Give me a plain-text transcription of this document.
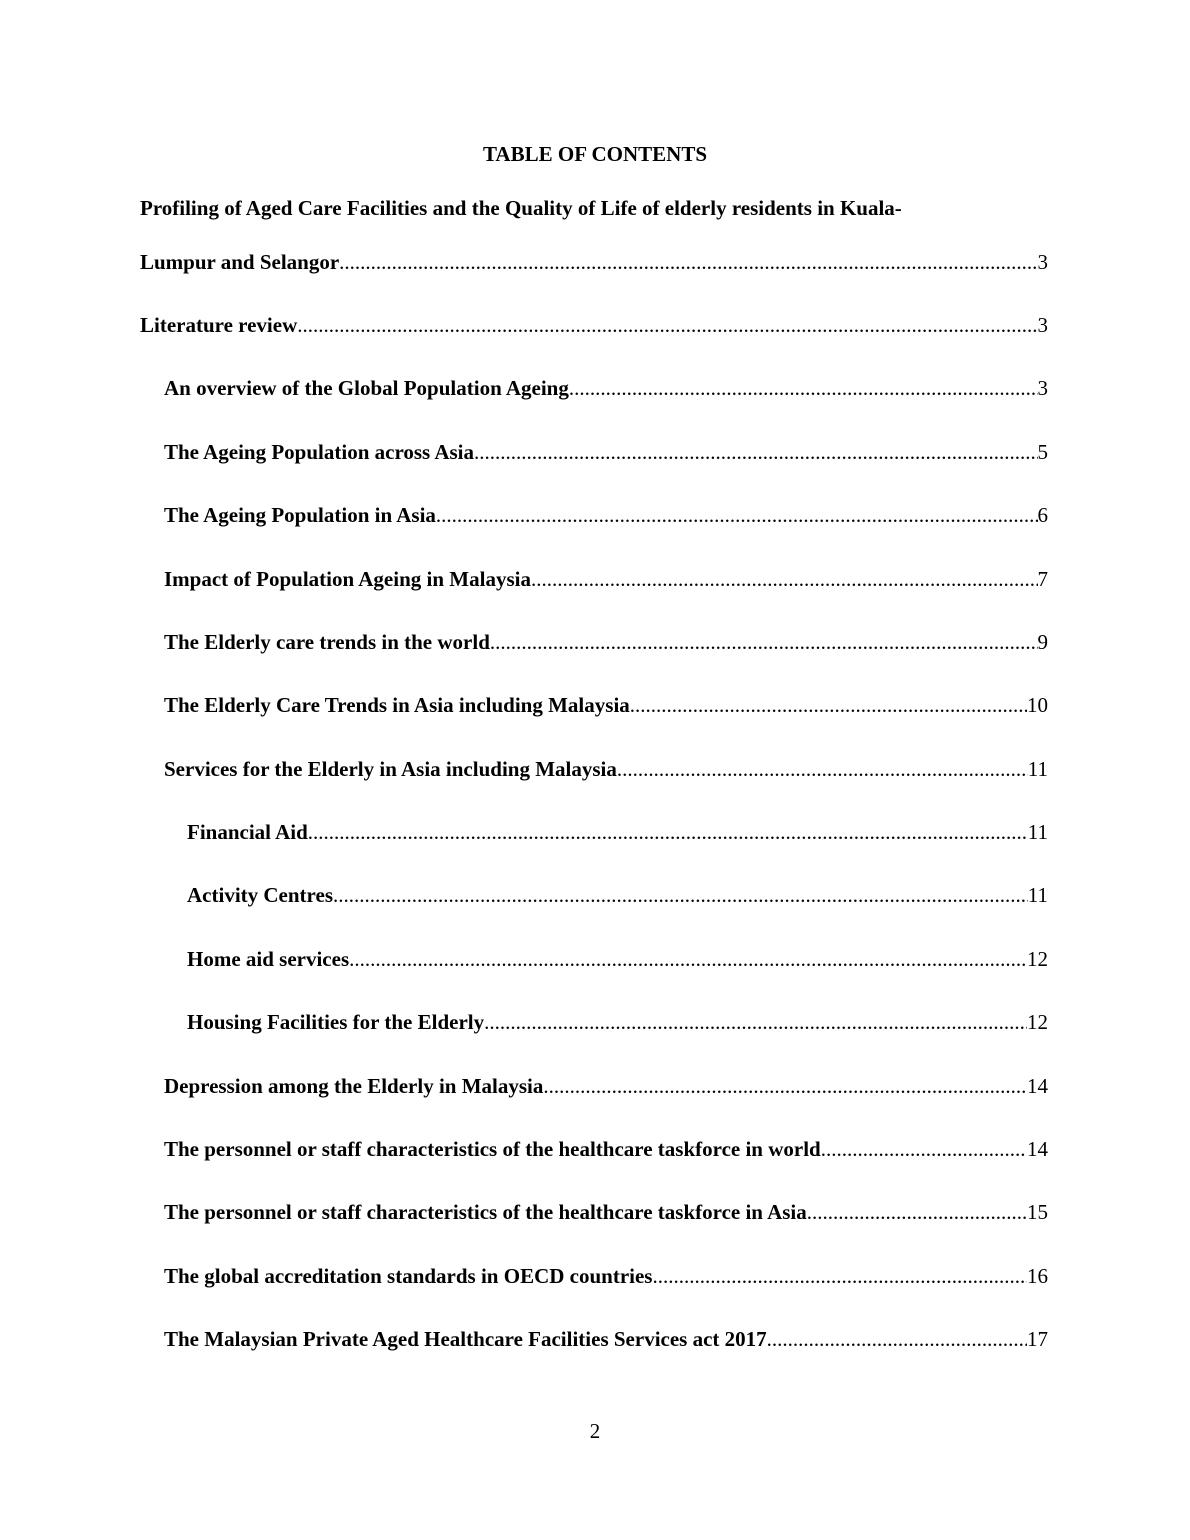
TABLE OF CONTENTS
Profiling of Aged Care Facilities and the Quality of Life of elderly residents in Kuala-
Lumpur and Selangor .....	3
Literature review .....	3
An overview of the Global Population Ageing .....	3
The Ageing Population across Asia .....	5
The Ageing Population in Asia .....	6
Impact of Population Ageing in Malaysia .....	7
The Elderly care trends in the world .....	9
The Elderly Care Trends in Asia including Malaysia .....	10
Services for the Elderly in Asia including Malaysia .....	11
Financial Aid .....	11
Activity Centres .....	11
Home aid services .....	12
Housing Facilities for the Elderly .....	12
Depression among the Elderly in Malaysia .....	14
The personnel or staff characteristics of the healthcare taskforce in world .....	14
The personnel or staff characteristics of the healthcare taskforce in Asia .....	15
The global accreditation standards in OECD countries .....	16
The Malaysian Private Aged Healthcare Facilities Services act 2017 .....	17
2
